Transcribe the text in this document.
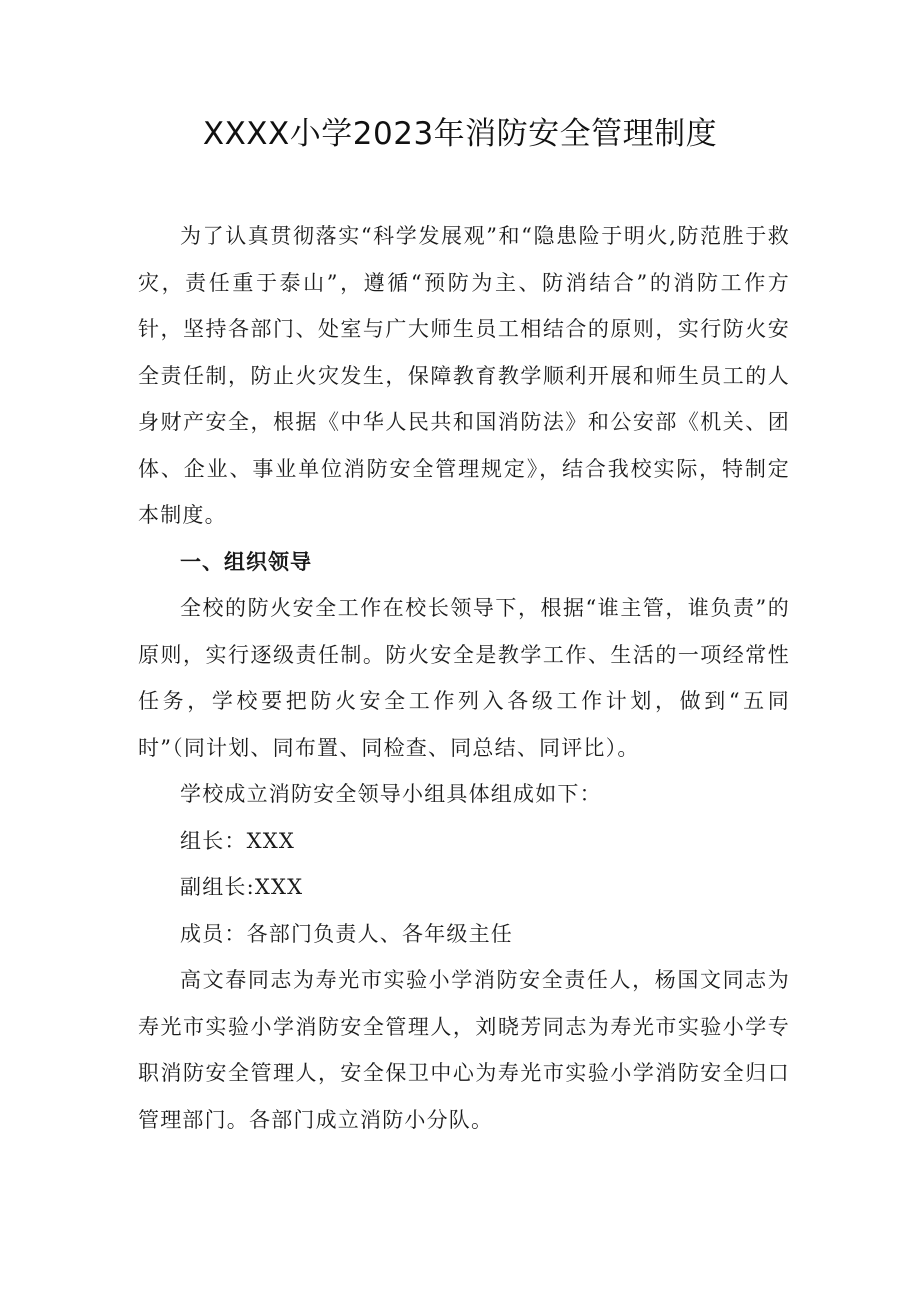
XXXX小学2023年消防安全管理制度

为了认真贯彻落实“科学发展观”和“隐患险于明火,防范胜于救灾，责任重于泰山”，遵循“预防为主、防消结合”的消防工作方针，坚持各部门、处室与广大师生员工相结合的原则，实行防火安全责任制，防止火灾发生，保障教育教学顺利开展和师生员工的人身财产安全，根据《中华人民共和国消防法》和公安部《机关、团体、企业、事业单位消防安全管理规定》，结合我校实际，特制定本制度。

一、组织领导

全校的防火安全工作在校长领导下，根据“谁主管，谁负责”的原则，实行逐级责任制。防火安全是教学工作、生活的一项经常性任务，学校要把防火安全工作列入各级工作计划，做到“五同时”（同计划、同布置、同检查、同总结、同评比）。

学校成立消防安全领导小组具体组成如下：

组长：XXX

副组长:XXX

成员：各部门负责人、各年级主任

高文春同志为寿光市实验小学消防安全责任人，杨国文同志为寿光市实验小学消防安全管理人，刘晓芳同志为寿光市实验小学专职消防安全管理人，安全保卫中心为寿光市实验小学消防安全归口管理部门。各部门成立消防小分队。
